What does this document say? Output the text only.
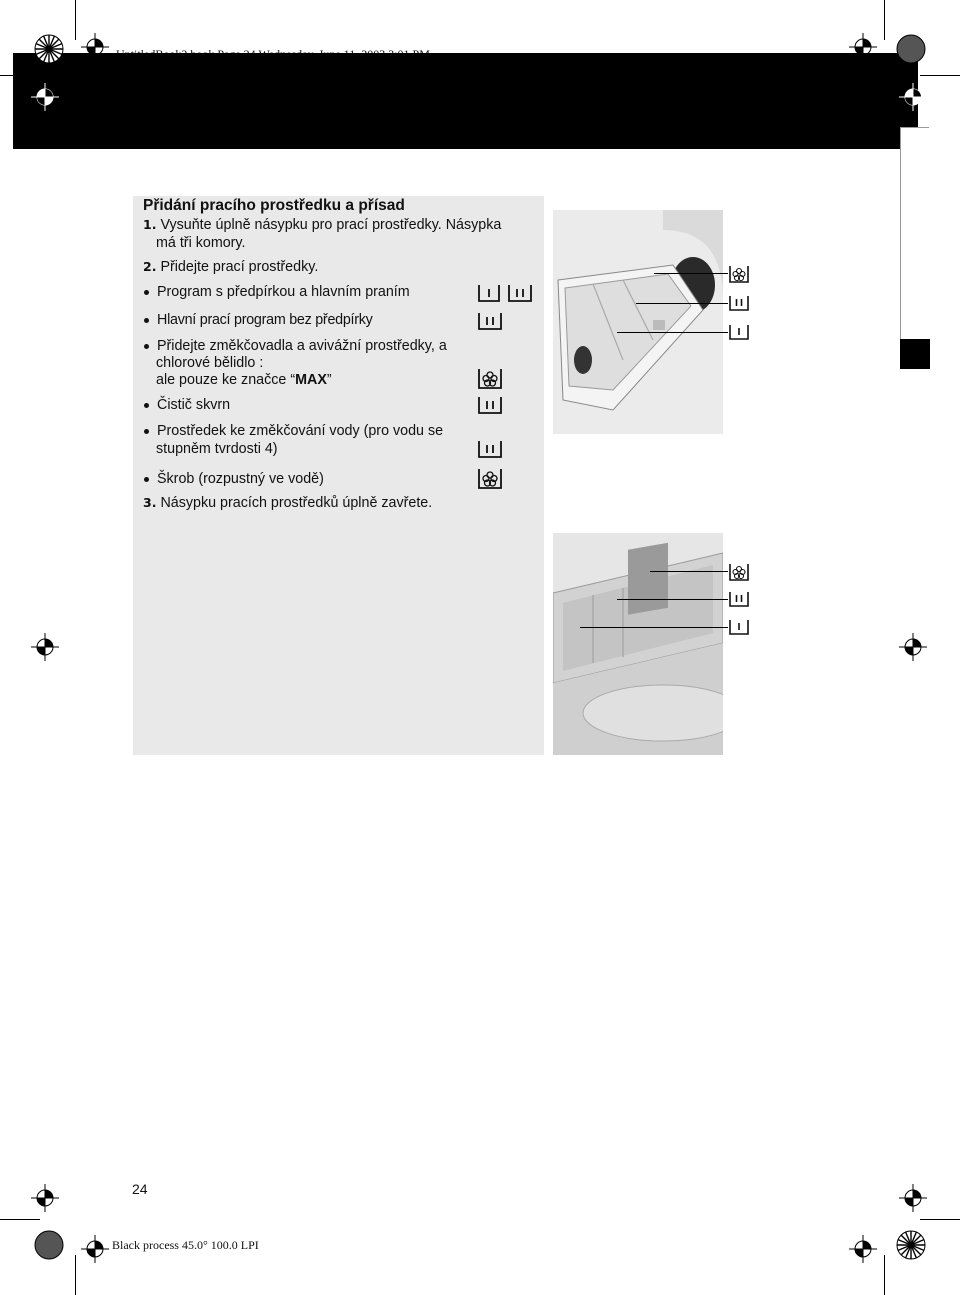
Přidání pracího prostředku a přísad
1. Vysuňte úplně násypku pro prací prostředky. Násypka
má tři komory.
2. Přidejte prací prostředky.
Program s předpírkou a hlavním praním
Hlavní prací program bez předpírky
Přidejte změkčovadla a avivážní prostředky, a
chlorové bělidlo :
ale pouze ke značce “MAX”
Čistič skvrn
Prostředek ke změkčování vody (pro vodu se
stupněm tvrdosti 4)
Škrob (rozpustný ve vodě)
3. Násypku pracích prostředků úplně zavřete.
24
Black process 45.0° 100.0 LPI
